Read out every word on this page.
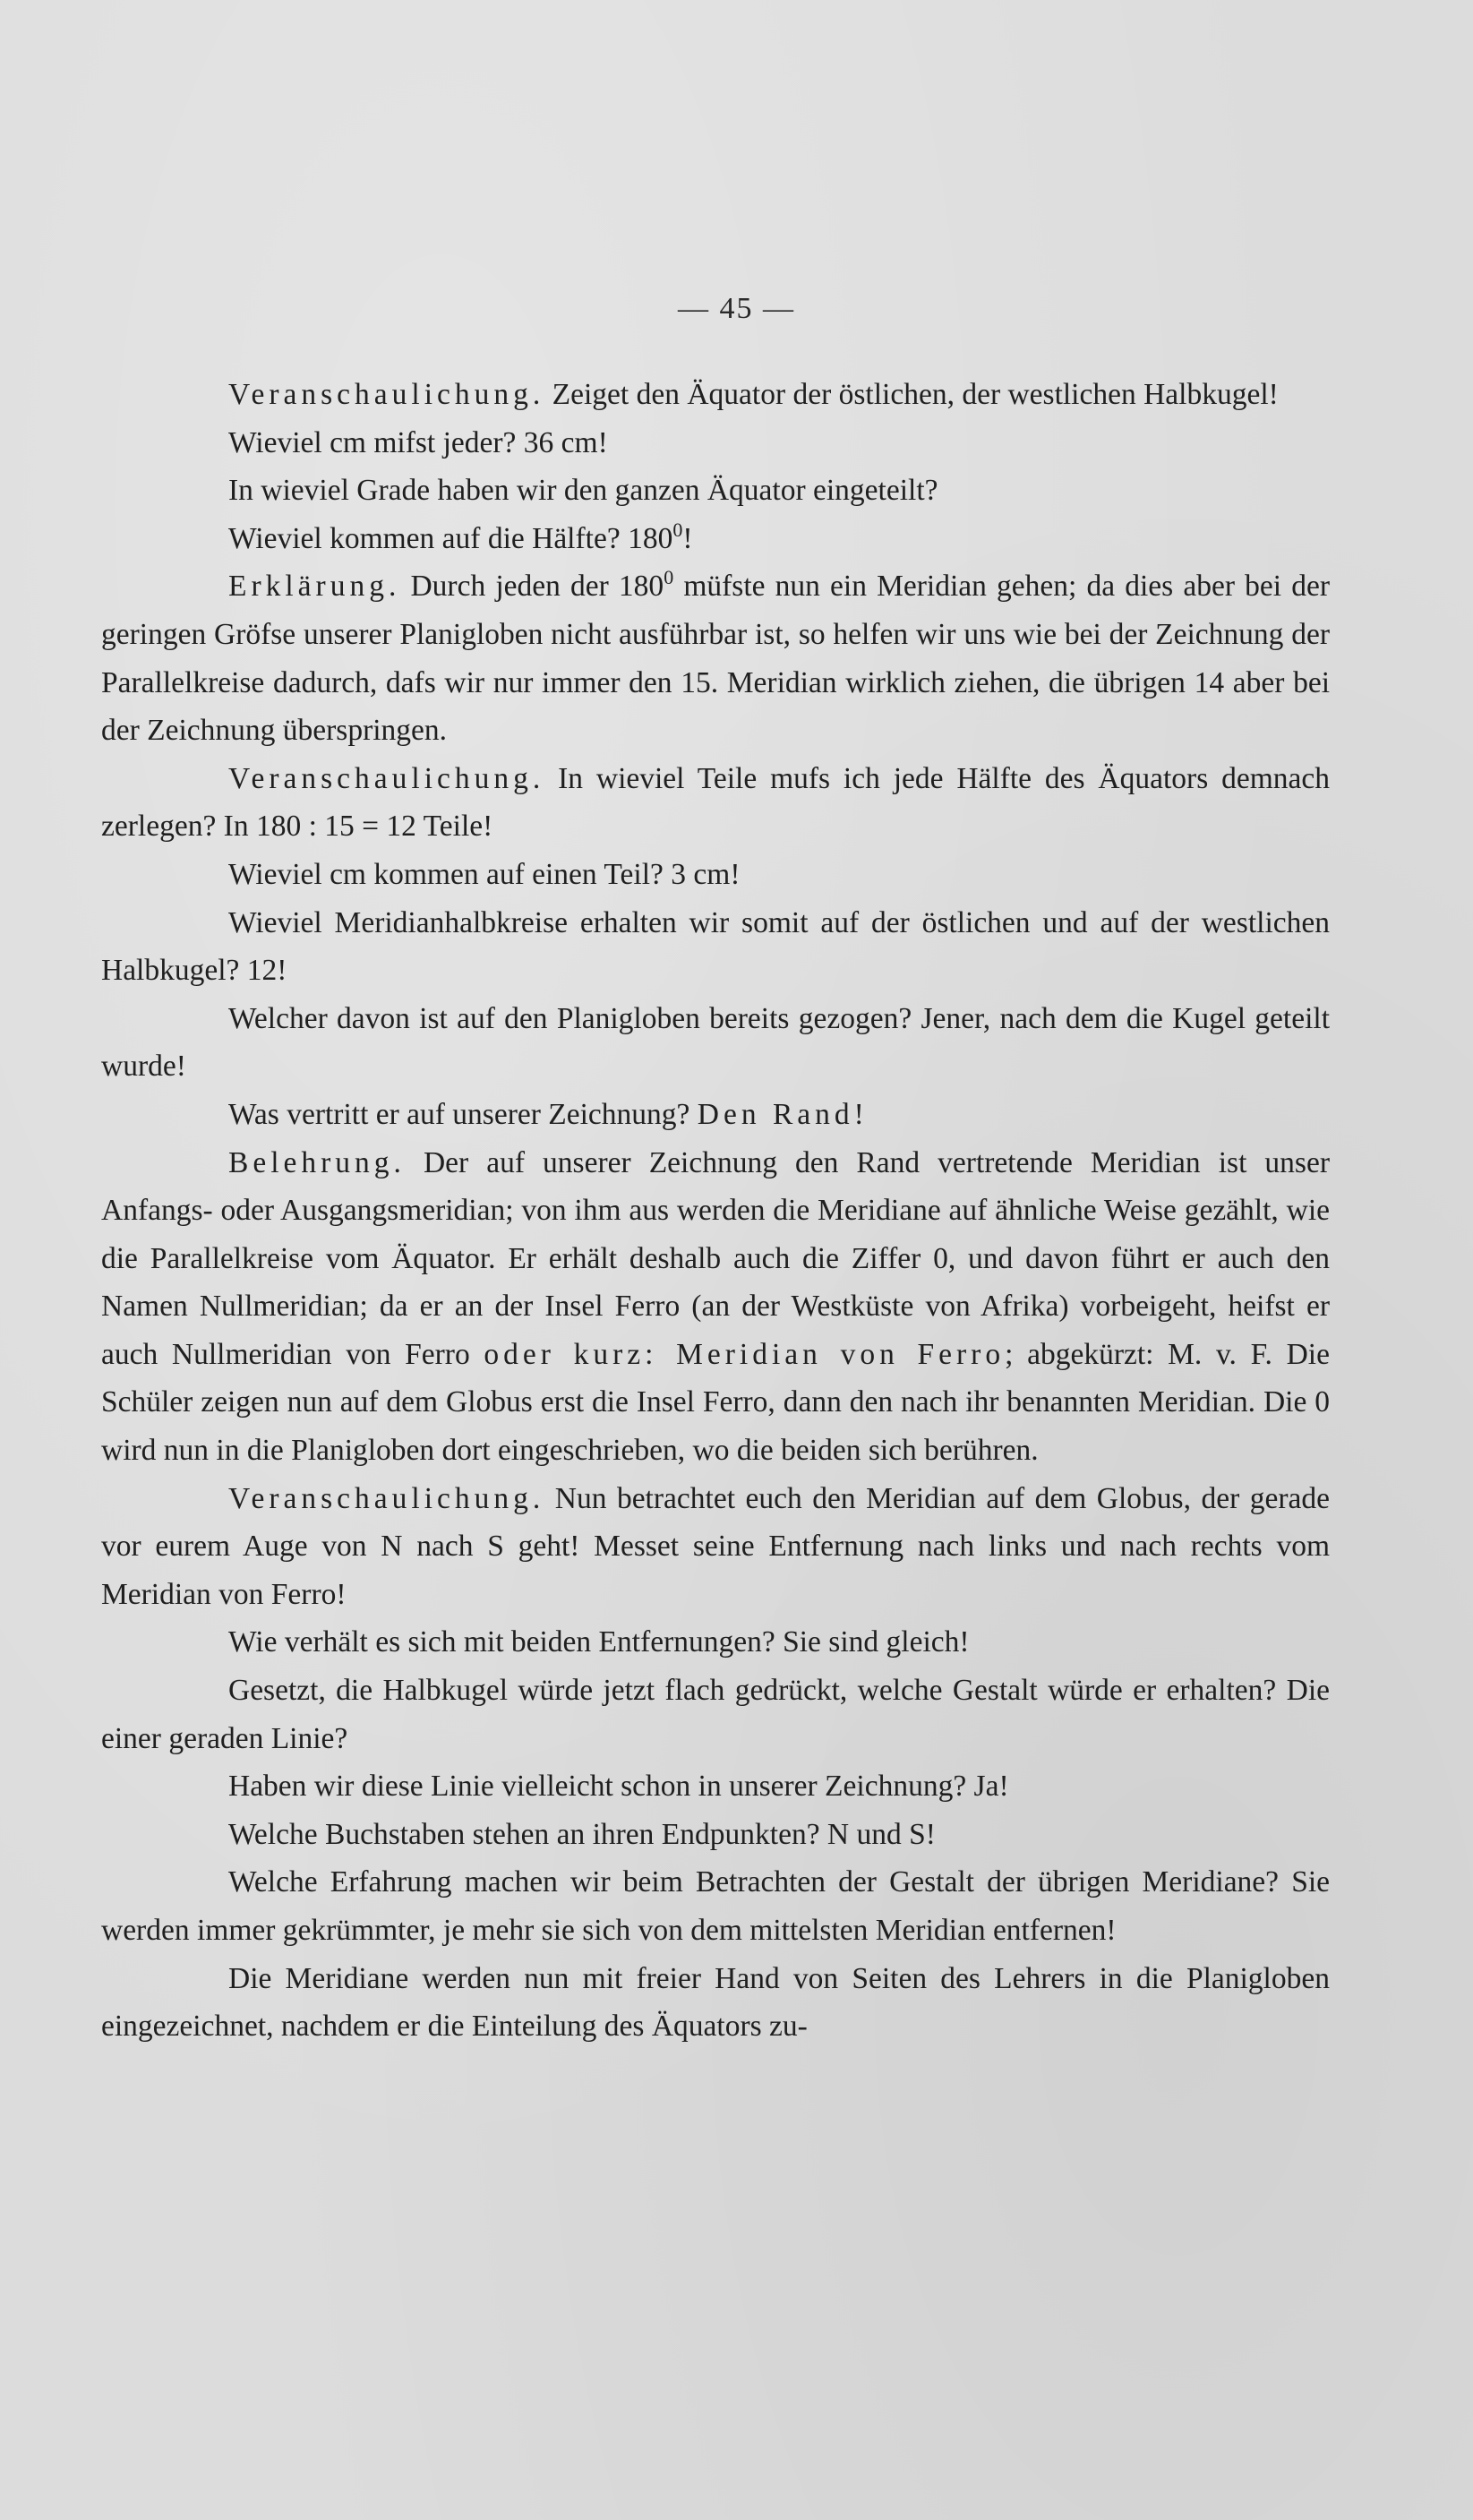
— 45 —

Veranschaulichung. Zeiget den Äquator der östlichen, der westlichen Halbkugel!

Wieviel cm mifst jeder? 36 cm!

In wieviel Grade haben wir den ganzen Äquator eingeteilt?

Wieviel kommen auf die Hälfte? $180^0$!

Erklärung. Durch jeden der $180^0$ müfste nun ein Meridian gehen; da dies aber bei der geringen Gröfse unserer Planigloben nicht ausführbar ist, so helfen wir uns wie bei der Zeichnung der Parallelkreise dadurch, dafs wir nur immer den 15. Meridian wirklich ziehen, die übrigen 14 aber bei der Zeichnung überspringen.

Veranschaulichung. In wieviel Teile mufs ich jede Hälfte des Äquators demnach zerlegen? In 180 : 15 = 12 Teile!

Wieviel cm kommen auf einen Teil? 3 cm!

Wieviel Meridianhalbkreise erhalten wir somit auf der östlichen und auf der westlichen Halbkugel? 12!

Welcher davon ist auf den Planigloben bereits gezogen? Jener, nach dem die Kugel geteilt wurde!

Was vertritt er auf unserer Zeichnung? Den Rand!

Belehrung. Der auf unserer Zeichnung den Rand vertretende Meridian ist unser Anfangs- oder Ausgangsmeridian; von ihm aus werden die Meridiane auf ähnliche Weise gezählt, wie die Parallelkreise vom Äquator. Er erhält deshalb auch die Ziffer 0, und davon führt er auch den Namen Nullmeridian; da er an der Insel Ferro (an der Westküste von Afrika) vorbeigeht, heifst er auch Nullmeridian von Ferro oder kurz: Meridian von Ferro; abgekürzt: M. v. F. Die Schüler zeigen nun auf dem Globus erst die Insel Ferro, dann den nach ihr benannten Meridian. Die 0 wird nun in die Planigloben dort eingeschrieben, wo die beiden sich berühren.

Veranschaulichung. Nun betrachtet euch den Meridian auf dem Globus, der gerade vor eurem Auge von N nach S geht! Messet seine Entfernung nach links und nach rechts vom Meridian von Ferro!

Wie verhält es sich mit beiden Entfernungen? Sie sind gleich!

Gesetzt, die Halbkugel würde jetzt flach gedrückt, welche Gestalt würde er erhalten? Die einer geraden Linie?

Haben wir diese Linie vielleicht schon in unserer Zeichnung? Ja!

Welche Buchstaben stehen an ihren Endpunkten? N und S!

Welche Erfahrung machen wir beim Betrachten der Gestalt der übrigen Meridiane? Sie werden immer gekrümmter, je mehr sie sich von dem mittelsten Meridian entfernen!

Die Meridiane werden nun mit freier Hand von Seiten des Lehrers in die Planigloben eingezeichnet, nachdem er die Einteilung des Äquators zu-
